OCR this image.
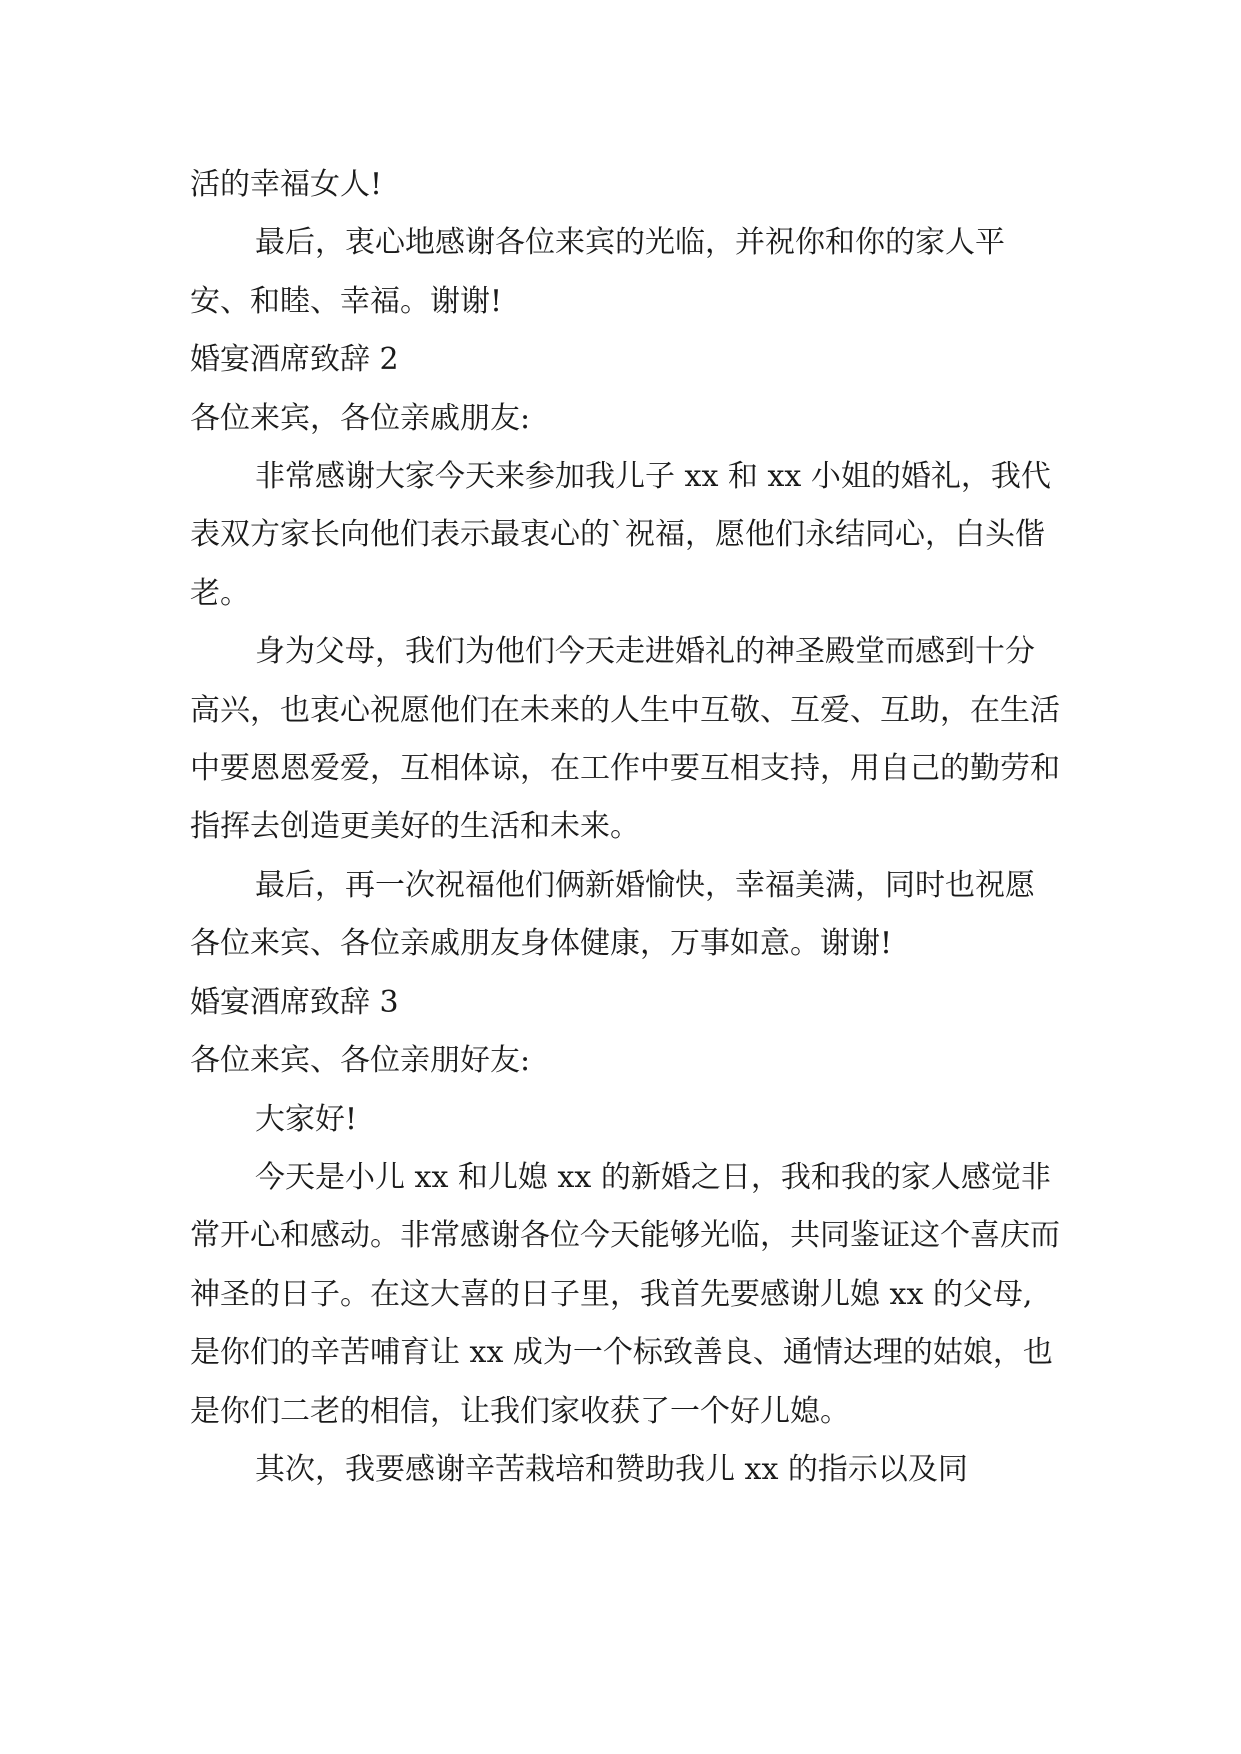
活的幸福女人!

最后，衷心地感谢各位来宾的光临，并祝你和你的家人平安、和睦、幸福。谢谢!

婚宴酒席致辞 2

各位来宾，各位亲戚朋友:

非常感谢大家今天来参加我儿子 xx 和 xx 小姐的婚礼，我代表双方家长向他们表示最衷心的`祝福，愿他们永结同心，白头偕老。

身为父母，我们为他们今天走进婚礼的神圣殿堂而感到十分高兴，也衷心祝愿他们在未来的人生中互敬、互爱、互助，在生活中要恩恩爱爱，互相体谅，在工作中要互相支持，用自己的勤劳和指挥去创造更美好的生活和未来。

最后，再一次祝福他们俩新婚愉快，幸福美满，同时也祝愿各位来宾、各位亲戚朋友身体健康，万事如意。谢谢!

婚宴酒席致辞 3

各位来宾、各位亲朋好友:

大家好!

今天是小儿 xx 和儿媳 xx 的新婚之日，我和我的家人感觉非常开心和感动。非常感谢各位今天能够光临，共同鉴证这个喜庆而神圣的日子。在这大喜的日子里，我首先要感谢儿媳 xx 的父母,是你们的辛苦哺育让 xx 成为一个标致善良、通情达理的姑娘，也是你们二老的相信，让我们家收获了一个好儿媳。

其次，我要感谢辛苦栽培和赞助我儿 xx 的指示以及同
